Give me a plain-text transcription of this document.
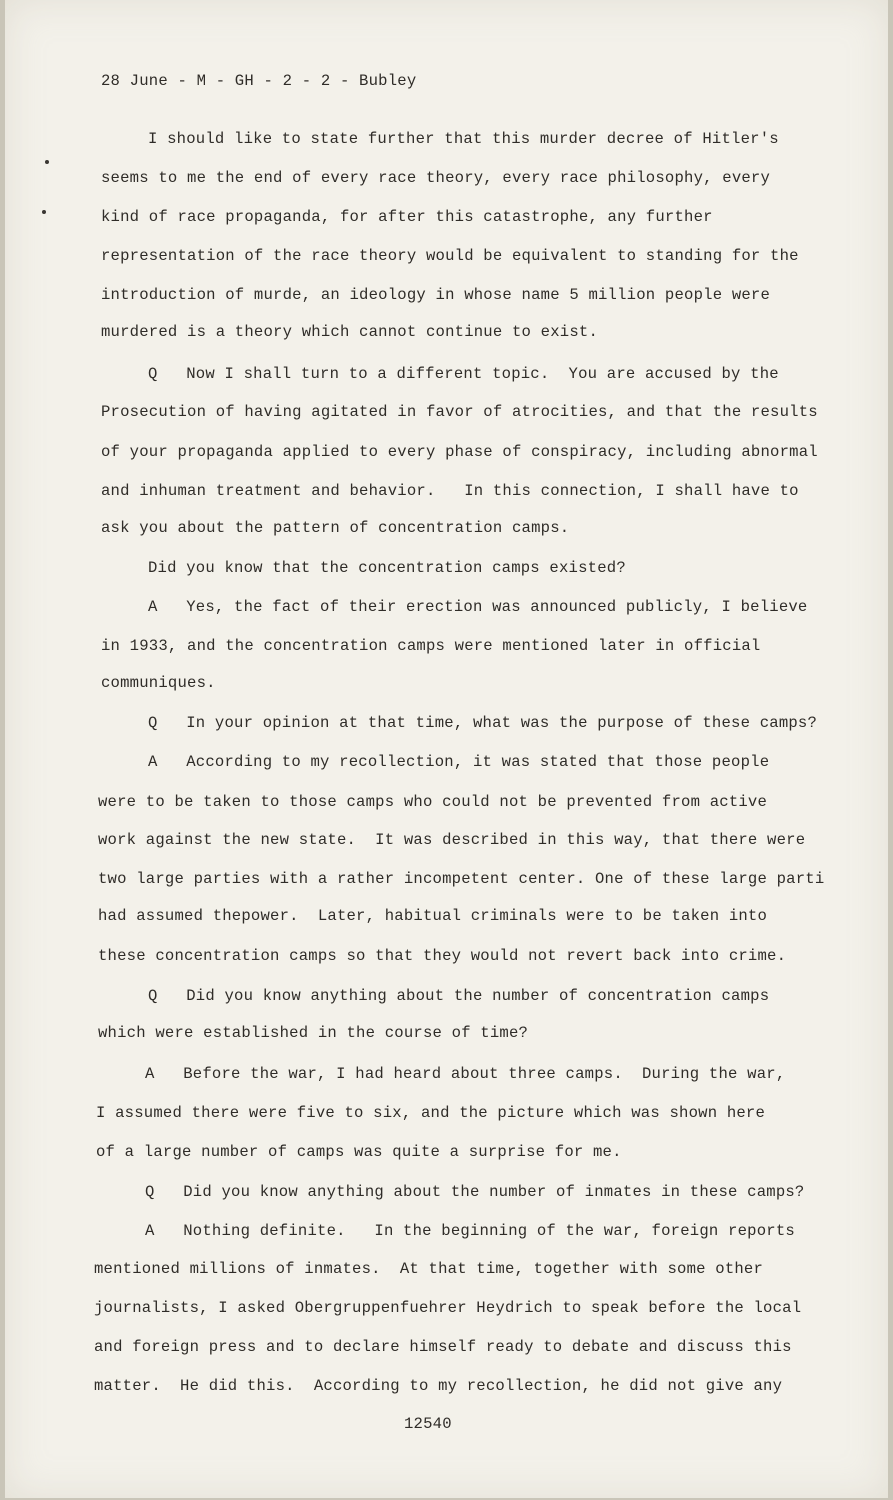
28 June - M - GH - 2 - 2 - Bubley

I should like to state further that this murder decree of Hitler's

seems to me the end of every race theory, every race philosophy, every

kind of race propaganda, for after this catastrophe, any further

representation of the race theory would be equivalent to standing for the

introduction of murde, an ideology in whose name 5 million people were

murdered is a theory which cannot continue to exist.

Q   Now I shall turn to a different topic.  You are accused by the

Prosecution of having agitated in favor of atrocities, and that the results

of your propaganda applied to every phase of conspiracy, including abnormal

and inhuman treatment and behavior.   In this connection, I shall have to

ask you about the pattern of concentration camps.

Did you know that the concentration camps existed?

A   Yes, the fact of their erection was announced publicly, I believe

in 1933, and the concentration camps were mentioned later in official

communiques.

Q   In your opinion at that time, what was the purpose of these camps?

A   According to my recollection, it was stated that those people

were to be taken to those camps who could not be prevented from active

work against the new state.  It was described in this way, that there were

two large parties with a rather incompetent center. One of these large parti

had assumed thepower.  Later, habitual criminals were to be taken into

these concentration camps so that they would not revert back into crime.

Q   Did you know anything about the number of concentration camps

which were established in the course of time?

A   Before the war, I had heard about three camps.  During the war,

I assumed there were five to six, and the picture which was shown here

of a large number of camps was quite a surprise for me.

Q   Did you know anything about the number of inmates in these camps?

A   Nothing definite.   In the beginning of the war, foreign reports

mentioned millions of inmates.  At that time, together with some other

journalists, I asked Obergruppenfuehrer Heydrich to speak before the local

and foreign press and to declare himself ready to debate and discuss this

matter.  He did this.  According to my recollection, he did not give any

12540
